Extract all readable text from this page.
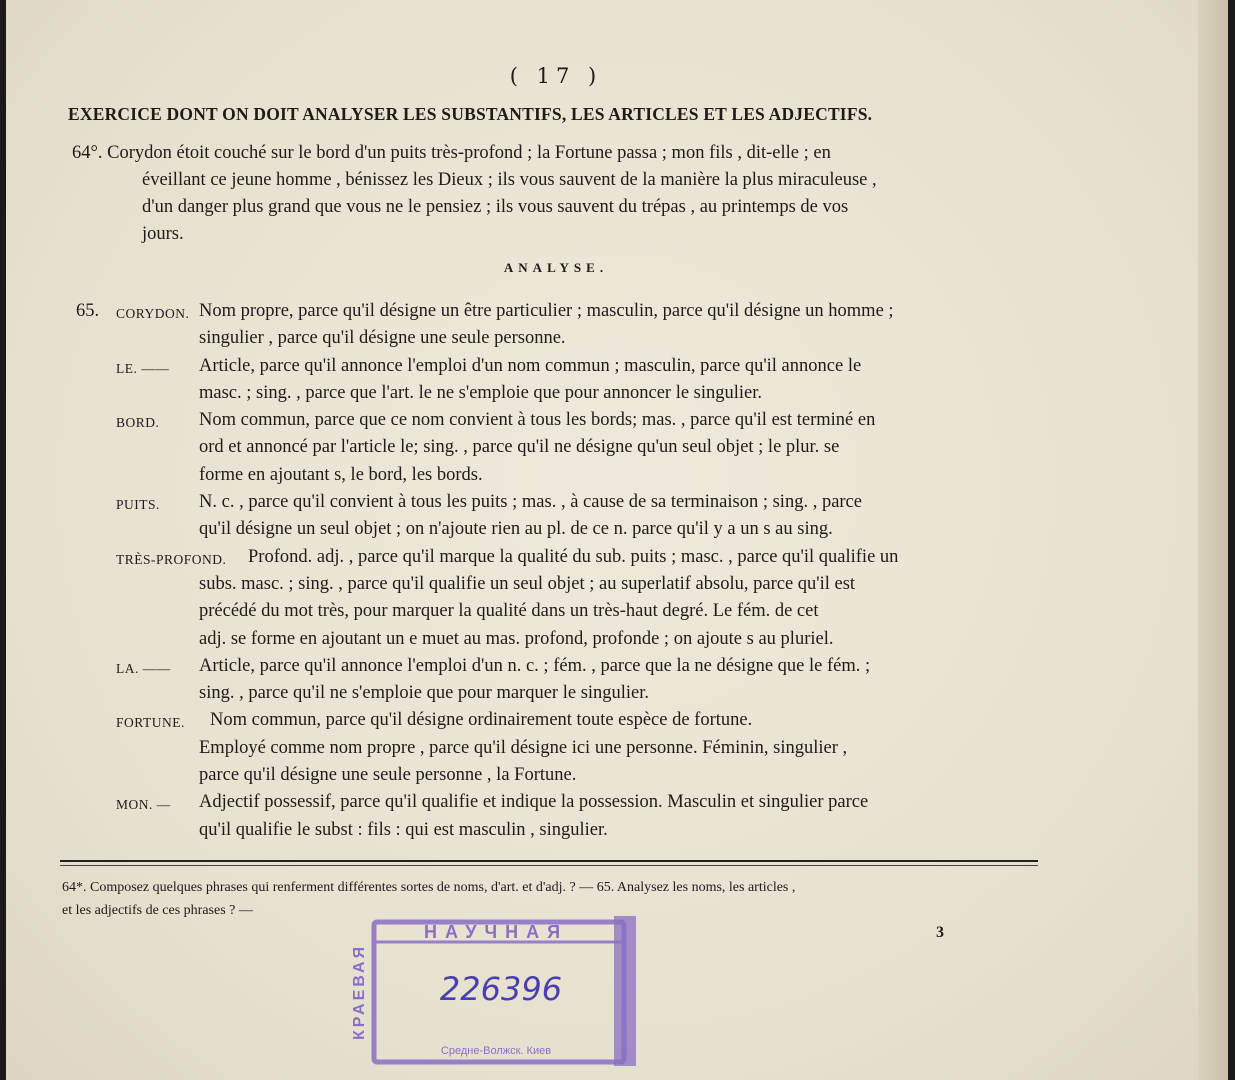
( 17 )
EXERCICE DONT ON DOIT ANALYSER LES SUBSTANTIFS, LES ARTICLES ET LES ADJECTIFS.
64°. Corydon étoit couché sur le bord d'un puits très-profond ; la Fortune passa ; mon fils , dit-elle ; en
éveillant ce jeune homme , bénissez les Dieux ; ils vous sauvent de la manière la plus miraculeuse ,
d'un danger plus grand que vous ne le pensiez ; ils vous sauvent du trépas , au printemps de vos
jours.
ANALYSE.
65. CORYDON. Nom propre, parce qu'il désigne un être particulier ; masculin, parce qu'il désigne un homme ;
singulier , parce qu'il désigne une seule personne.
LE. —— Article, parce qu'il annonce l'emploi d'un nom commun ; masculin, parce qu'il annonce le
masc. ; sing. , parce que l'art. le ne s'emploie que pour annoncer le singulier.
BORD. Nom commun, parce que ce nom convient à tous les bords; mas. , parce qu'il est terminé en
ord et annoncé par l'article le; sing. , parce qu'il ne désigne qu'un seul objet ; le plur. se
forme en ajoutant s, le bord, les bords.
PUITS. N. c. , parce qu'il convient à tous les puits ; mas. , à cause de sa terminaison ; sing. , parce
qu'il désigne un seul objet ; on n'ajoute rien au pl. de ce n. parce qu'il y a un s au sing.
TRÈS-PROFOND. Profond. adj. , parce qu'il marque la qualité du sub. puits ; masc. , parce qu'il qualifie un
subs. masc. ; sing. , parce qu'il qualifie un seul objet ; au superlatif absolu, parce qu'il est
précédé du mot très, pour marquer la qualité dans un très-haut degré. Le fém. de cet
adj. se forme en ajoutant un e muet au mas. profond, profonde ; on ajoute s au pluriel.
LA. —— Article, parce qu'il annonce l'emploi d'un n. c. ; fém. , parce que la ne désigne que le fém. ;
sing. , parce qu'il ne s'emploie que pour marquer le singulier.
FORTUNE. Nom commun, parce qu'il désigne ordinairement toute espèce de fortune.
Employé comme nom propre , parce qu'il désigne ici une personne. Féminin, singulier ,
parce qu'il désigne une seule personne , la Fortune.
MON. — Adjectif possessif, parce qu'il qualifie et indique la possession. Masculin et singulier parce
qu'il qualifie le subst : fils : qui est masculin , singulier.
64*. Composez quelques phrases qui renferment différentes sortes de noms, d'art. et d'adj. ? — 65. Analysez les noms, les articles ,
et les adjectifs de ces phrases ? —
3
НАУЧНАЯ
КРАЕВАЯ 226396
Средне-Волжск. Киев
